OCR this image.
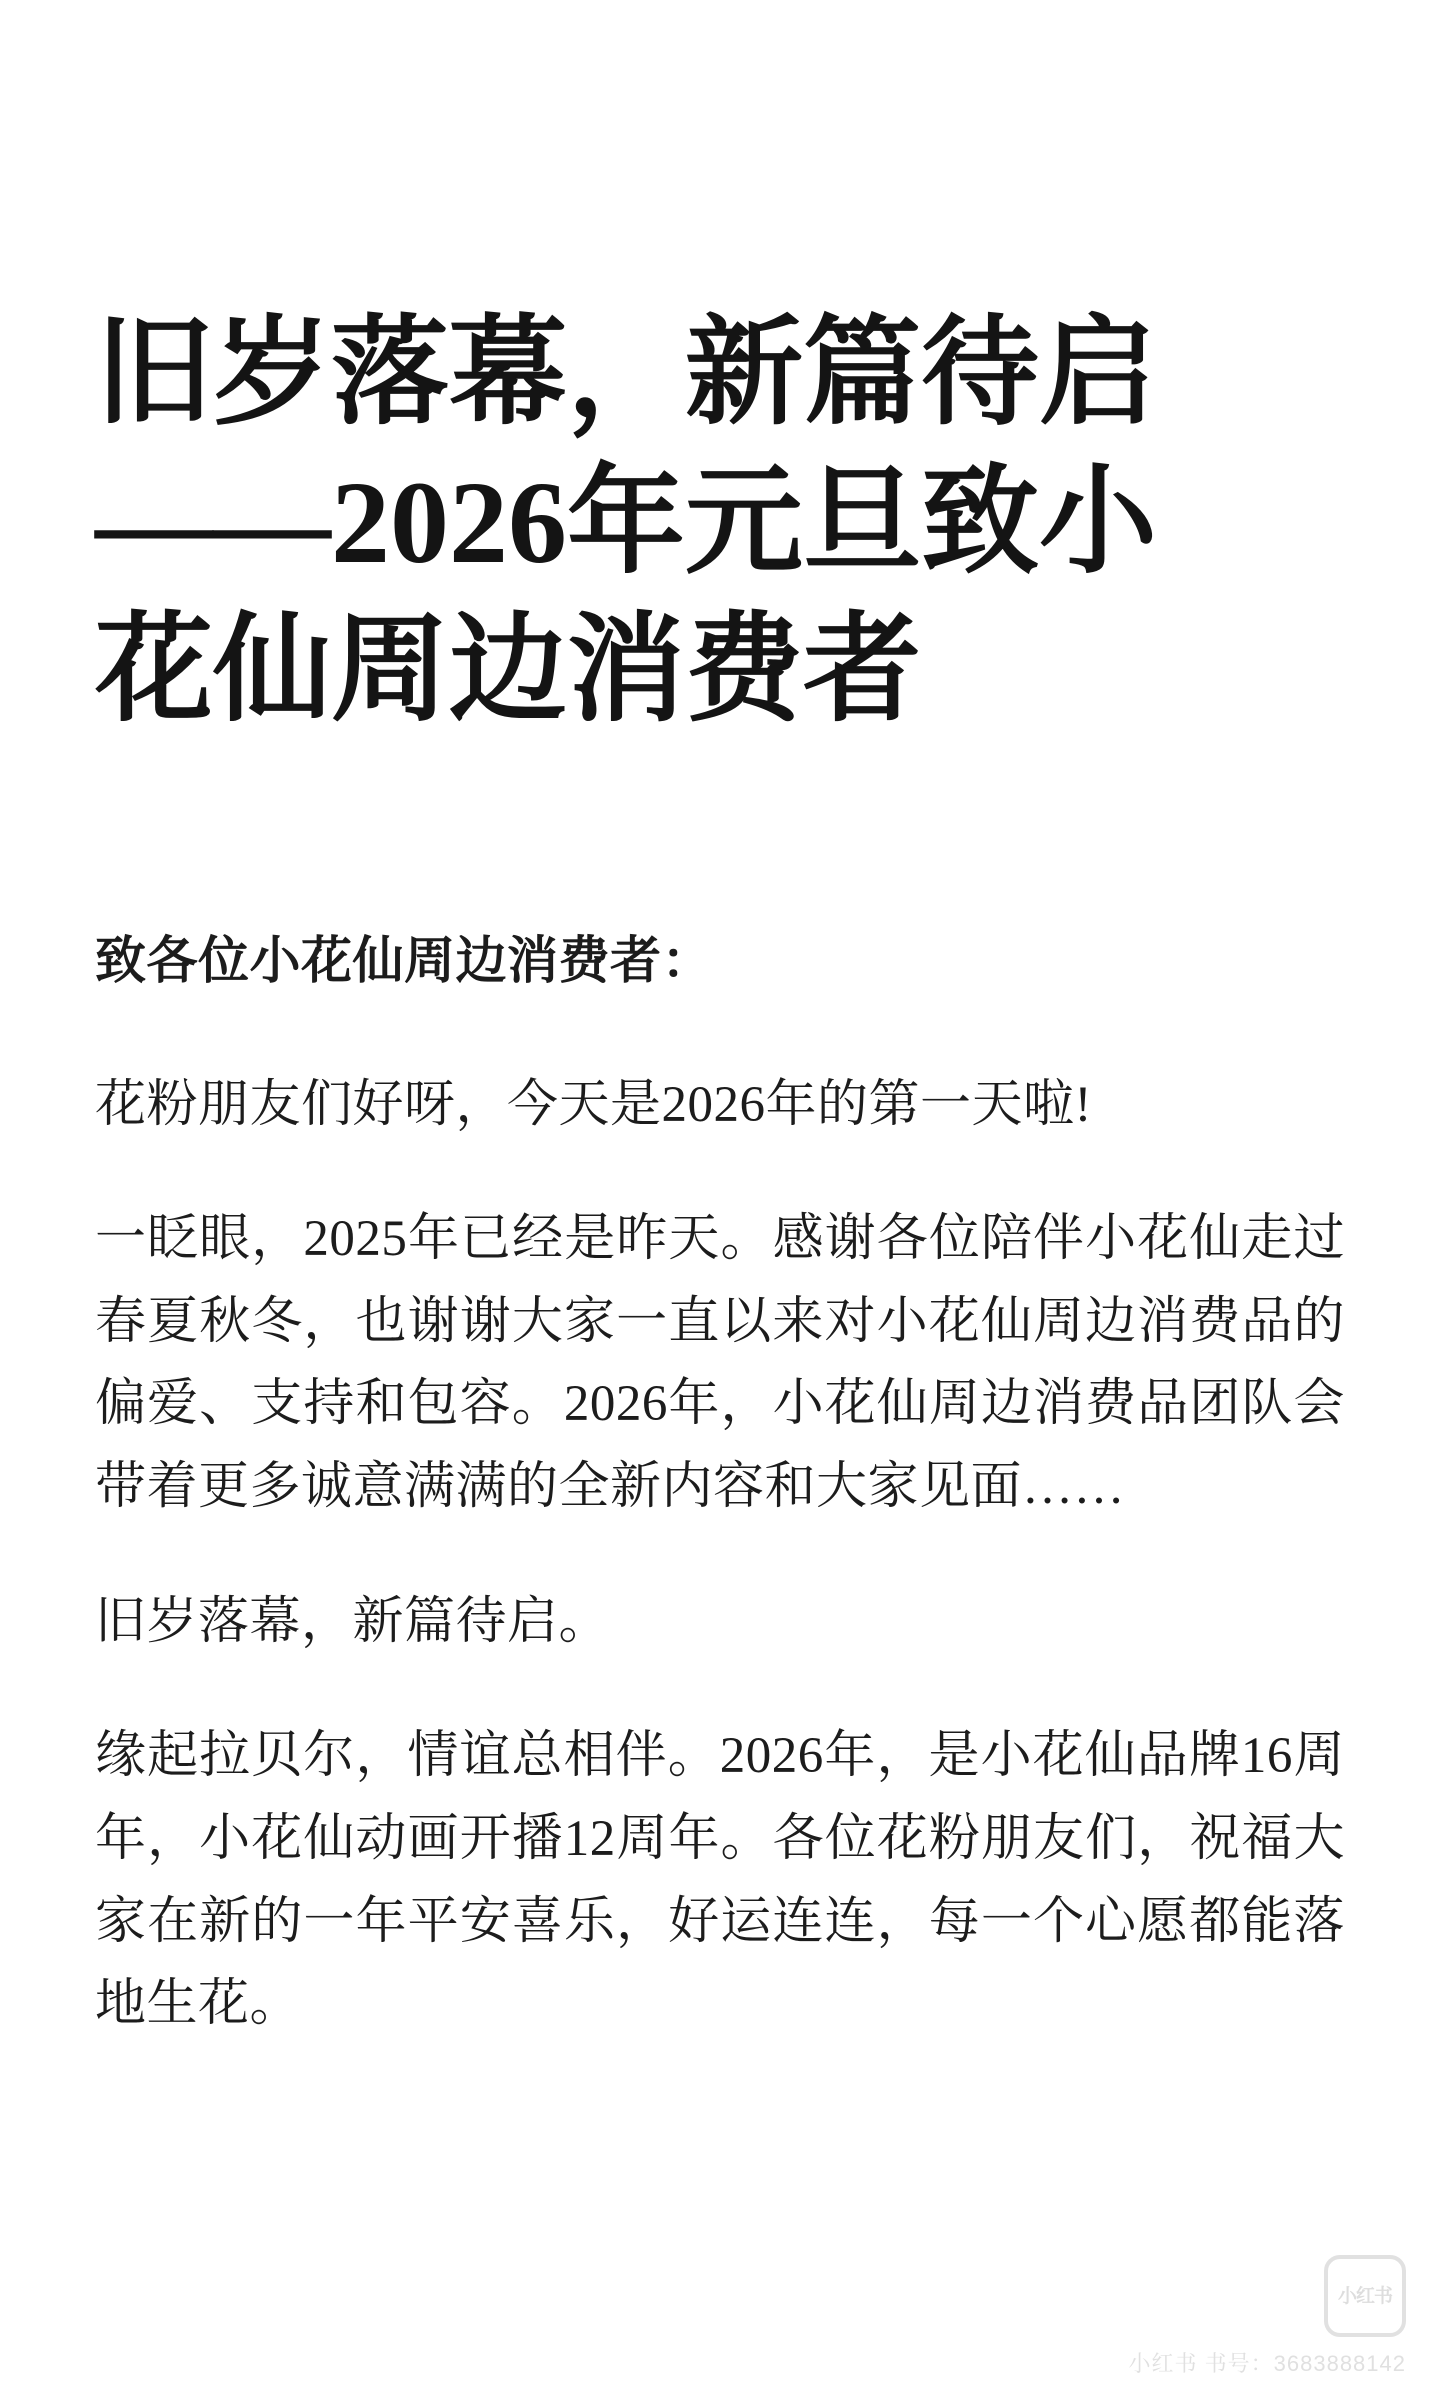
旧岁落幕，新篇待启
——2026年元旦致小
花仙周边消费者

致各位小花仙周边消费者：

花粉朋友们好呀，今天是2026年的第一天啦!

一眨眼，2025年已经是昨天。感谢各位陪伴小花仙走过春夏秋冬，也谢谢大家一直以来对小花仙周边消费品的偏爱、支持和包容。2026年，小花仙周边消费品团队会带着更多诚意满满的全新内容和大家见面……

旧岁落幕，新篇待启。

缘起拉贝尔，情谊总相伴。2026年，是小花仙品牌16周年，小花仙动画开播12周年。各位花粉朋友们，祝福大家在新的一年平安喜乐，好运连连，每一个心愿都能落地生花。

小红书
小红书 书号：3683888142
